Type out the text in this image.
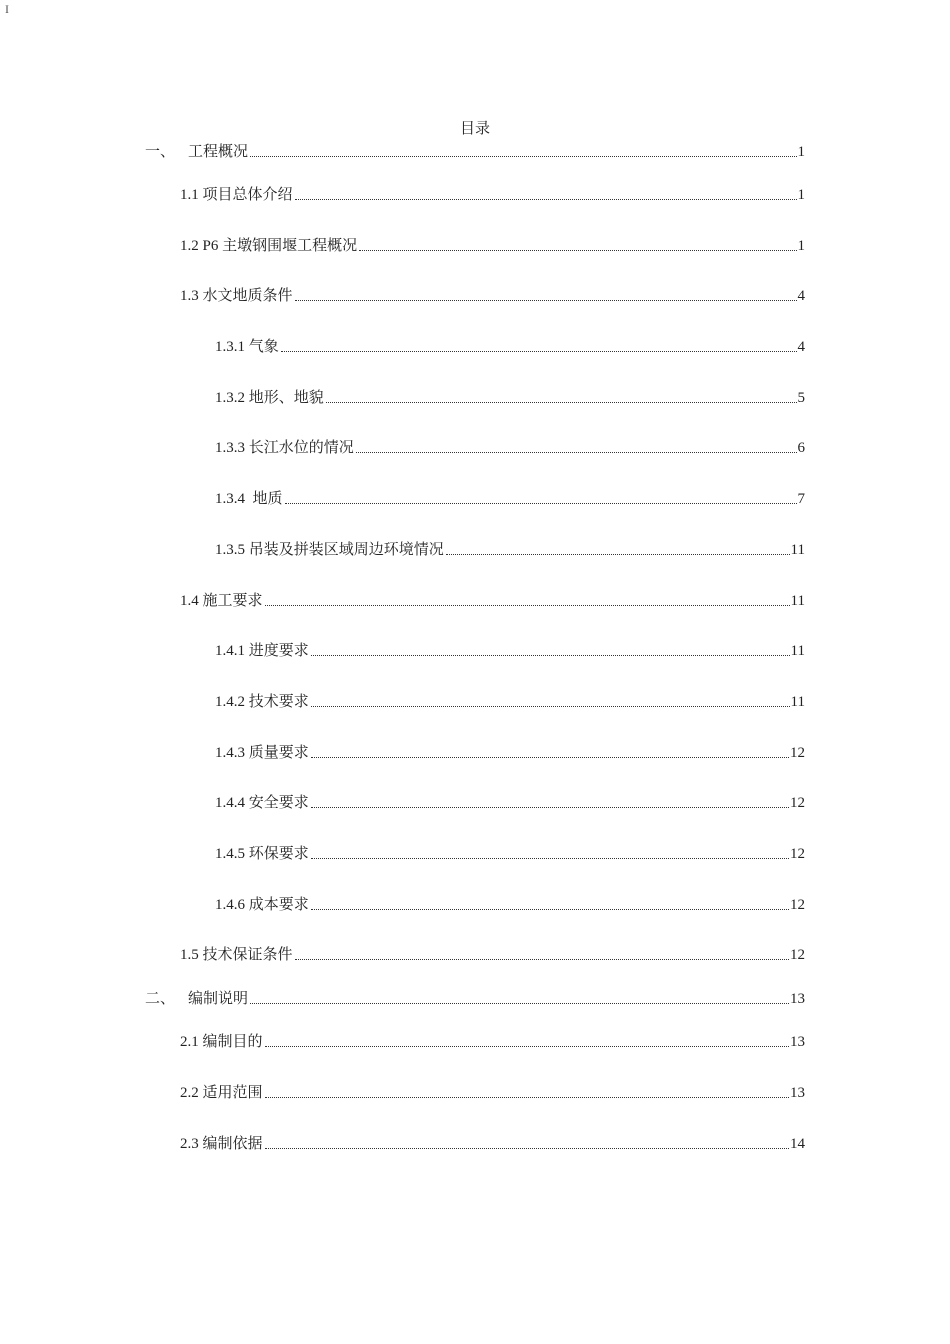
I
目录
一、 工程概况	1
1.1 项目总体介绍	1
1.2 P6 主墩钢围堰工程概况	1
1.3 水文地质条件	4
1.3.1 气象	4
1.3.2 地形、地貌	5
1.3.3 长江水位的情况	6
1.3.4  地质	7
1.3.5 吊装及拼装区域周边环境情况	11
1.4 施工要求	11
1.4.1 进度要求	11
1.4.2 技术要求	11
1.4.3 质量要求	12
1.4.4 安全要求	12
1.4.5 环保要求	12
1.4.6 成本要求	12
1.5 技术保证条件	12
二、 编制说明	13
2.1 编制目的	13
2.2 适用范围	13
2.3 编制依据	14
